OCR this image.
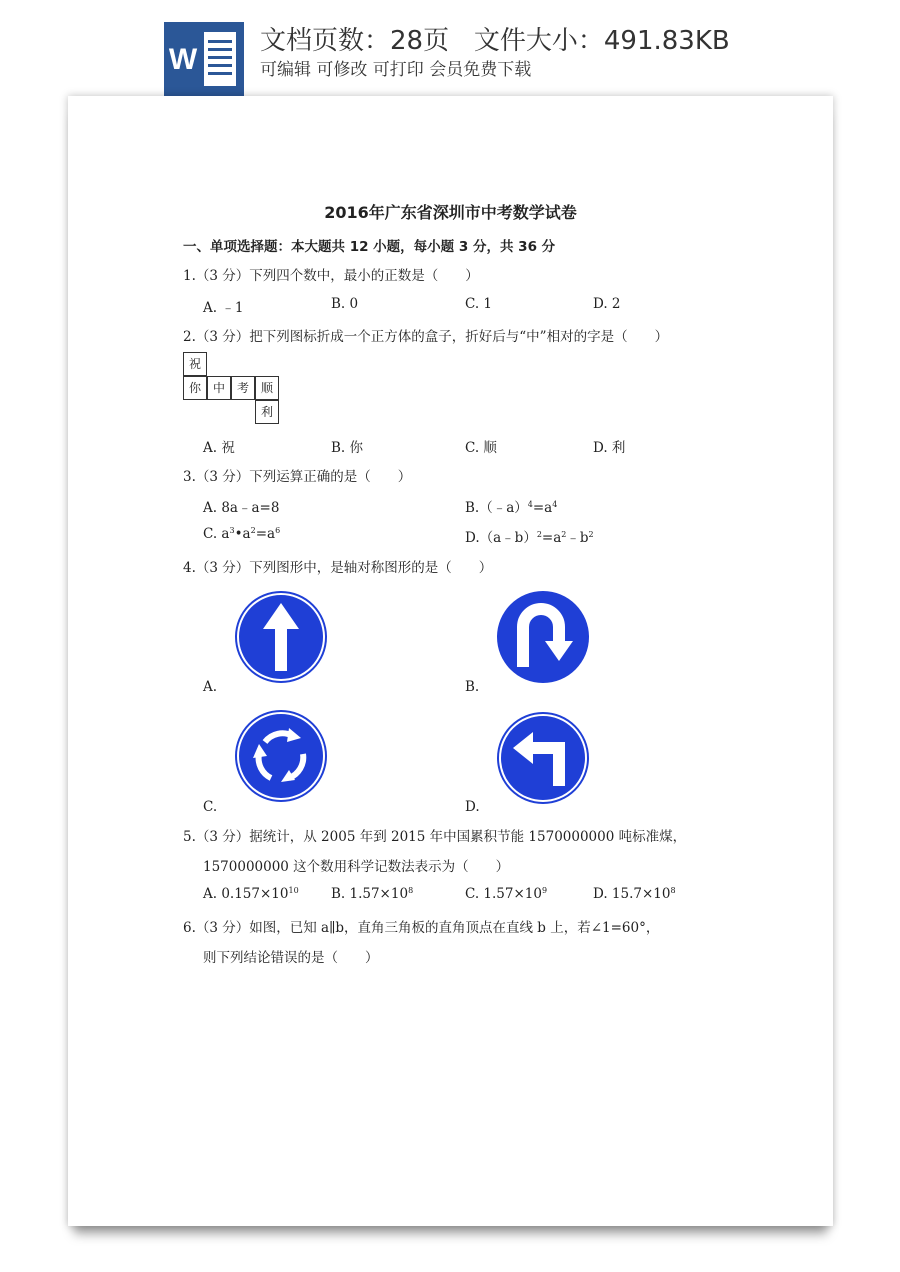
W
文档页数：28页   文件大小：491.83KB
可编辑 可修改 可打印 会员免费下载
2016年广东省深圳市中考数学试卷
一、单项选择题：本大题共 12 小题，每小题 3 分，共 36 分
1.（3 分）下列四个数中，最小的正数是（　　）
A. ﹣1	B. 0	C. 1	D. 2
2.（3 分）把下列图标折成一个正方体的盒子，折好后与“中”相对的字是（　　）
祝
你 中 考 顺
利
A. 祝	B. 你	C. 顺	D. 利
3.（3 分）下列运算正确的是（　　）
A. 8a﹣a=8	$B.(﹣a)^4=a^4$
C. $a^3•a^2=a^6$	$D.(a﹣b)^2=a^2﹣b^2$
4.（3 分）下列图形中，是轴对称图形的是（　　）
A.	B.
C.	D.
5.（3 分）据统计，从 2005 年到 2015 年中国累积节能 1570000000 吨标准煤，
1570000000 这个数用科学记数法表示为（　　）
A. $0.157\times 10^{10}$ B. $1.57\times 10^8$	C. $1.57\times 10^9$	D. $15.7\times 10^8$
6.（3 分）如图，已知 a∥b，直角三角板的直角顶点在直线 b 上，若∠1=60°，
则下列结论错误的是（　　）
